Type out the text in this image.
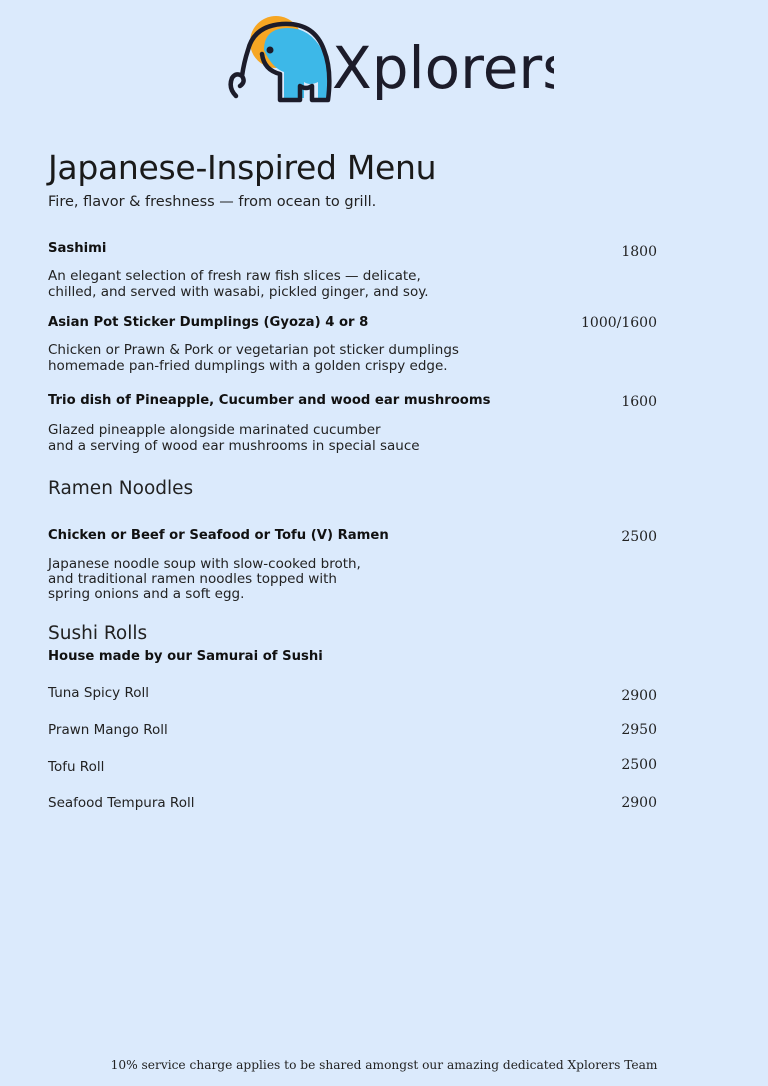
Xplorers
Japanese-Inspired Menu
Fire, flavor & freshness — from ocean to grill.
Sashimi	1800
An elegant selection of fresh raw fish slices — delicate,
chilled, and served with wasabi, pickled ginger, and soy.
Asian Pot Sticker Dumplings (Gyoza) 4 or 8	1000/1600
Chicken or Prawn & Pork or vegetarian pot sticker dumplings
homemade pan-fried dumplings with a golden crispy edge.
Trio dish of Pineapple, Cucumber and wood ear mushrooms	1600
Glazed pineapple alongside marinated cucumber
and a serving of wood ear mushrooms in special sauce
Ramen Noodles
Chicken or Beef or Seafood or Tofu (V) Ramen	2500
Japanese noodle soup with slow-cooked broth,
and traditional ramen noodles topped with
spring onions and a soft egg.
Sushi Rolls
House made by our Samurai of Sushi
Tuna Spicy Roll	2900
Prawn Mango Roll	2950
Tofu Roll	2500
Seafood Tempura Roll	2900
10% service charge applies to be shared amongst our amazing dedicated Xplorers Team
